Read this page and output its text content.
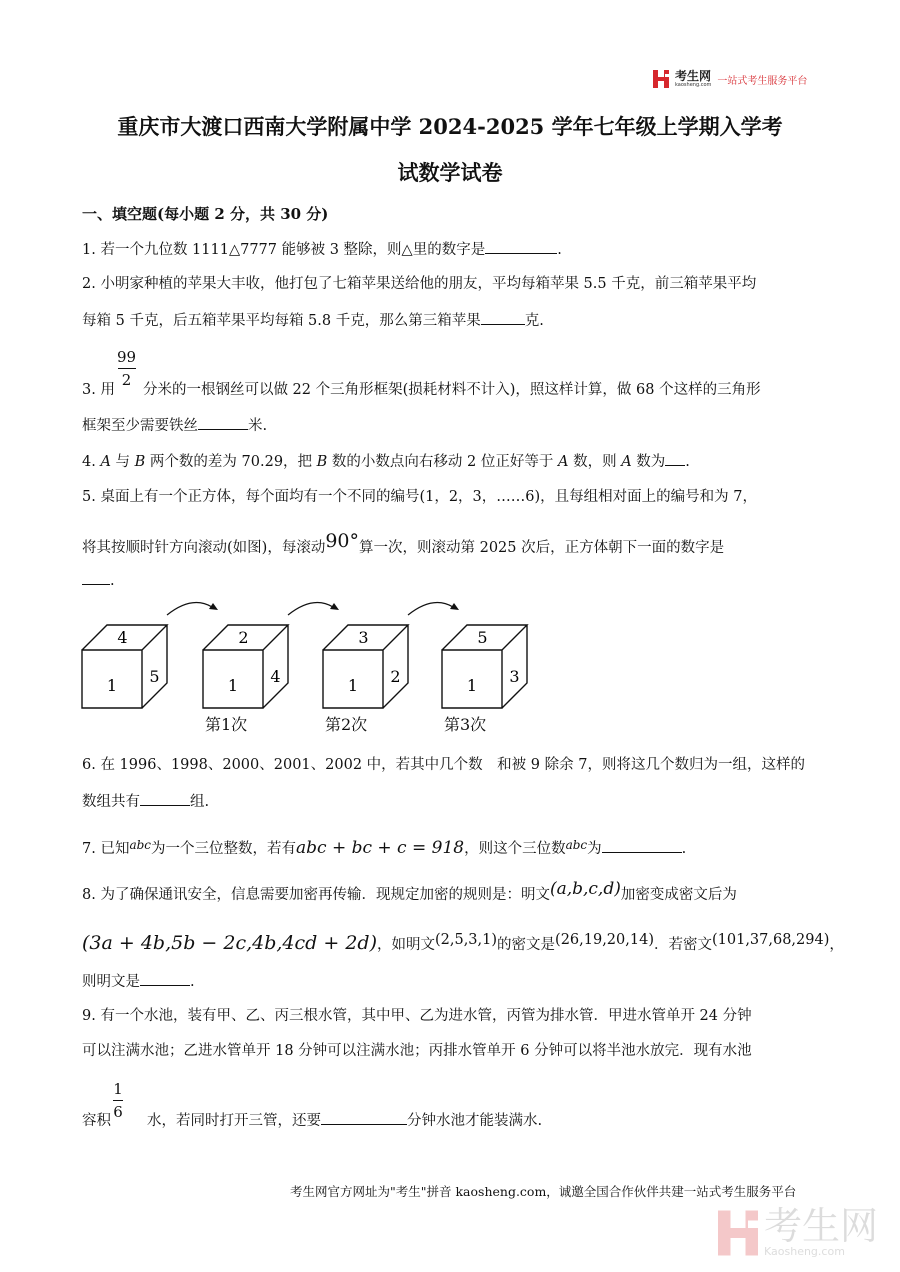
考生网
kaosheng.com 一站式考生服务平台
重庆市大渡口西南大学附属中学 2024-2025 学年七年级上学期入学考
试数学试卷
一、填空题(每小题 2 分，共 30 分)
1. 若一个九位数 1111△7777 能够被 3 整除，则△里的数字是	.
2. 小明家种植的苹果大丰收，他打包了七箱苹果送给他的朋友，平均每箱苹果 5.5 千克，前三箱苹果平均
每箱 5 千克，后五箱苹果平均每箱 5.8 千克，那么第三箱苹果	克.
99
2
3. 用 分米的一根钢丝可以做 22 个三角形框架(损耗材料不计入)，照这样计算，做 68 个这样的三角形
框架至少需要铁丝	米.
4. A 与 B 两个数的差为 70.29，把 B 数的小数点向右移动 2 位正好等于 A 数，则 A 数为 .
5. 桌面上有一个正方体，每个面均有一个不同的编号(1，2，3，……6)，且每组相对面上的编号和为 7，
将其按顺时针方向滚动(如图)，每滚动90°算一次，则滚动第 2025 次后，正方体朝下一面的数字是
.
4
1 5
2
1 4
3
1 2
5
1 3
第1次	第2次	第3次
6. 在 1996、1998、2000、2001、2002 中，若其中几个数　和被 9 除余 7，则将这几个数归为一组，这样的
数组共有	组.
7. 已知$^{abc}$为一个三位整数，若有abc + bc + c = 918，则这个三位数$^{abc}$为	.
8. 为了确保通讯安全，信息需要加密再传输．现规定加密的规则是：明文(a,b,c,d)加密变成密文后为
(3a + 4b,5b − 2c,4b,4cd + 2d)，如明文(2,5,3,1)的密文是(26,19,20,14)．若密文(101,37,68,294)，
则明文是	.
9. 有一个水池，装有甲、乙、丙三根水管，其中甲、乙为进水管，丙管为排水管．甲进水管单开 24 分钟
可以注满水池；乙进水管单开 18 分钟可以注满水池；丙排水管单开 6 分钟可以将半池水放完．现有水池
1
6
容积 水，若同时打开三管，还要	分钟水池才能装满水.
考生网官方网址为"考生"拼音 kaosheng.com，诚邀全国合作伙伴共建一站式考生服务平台
考生网
Kaosheng.com
